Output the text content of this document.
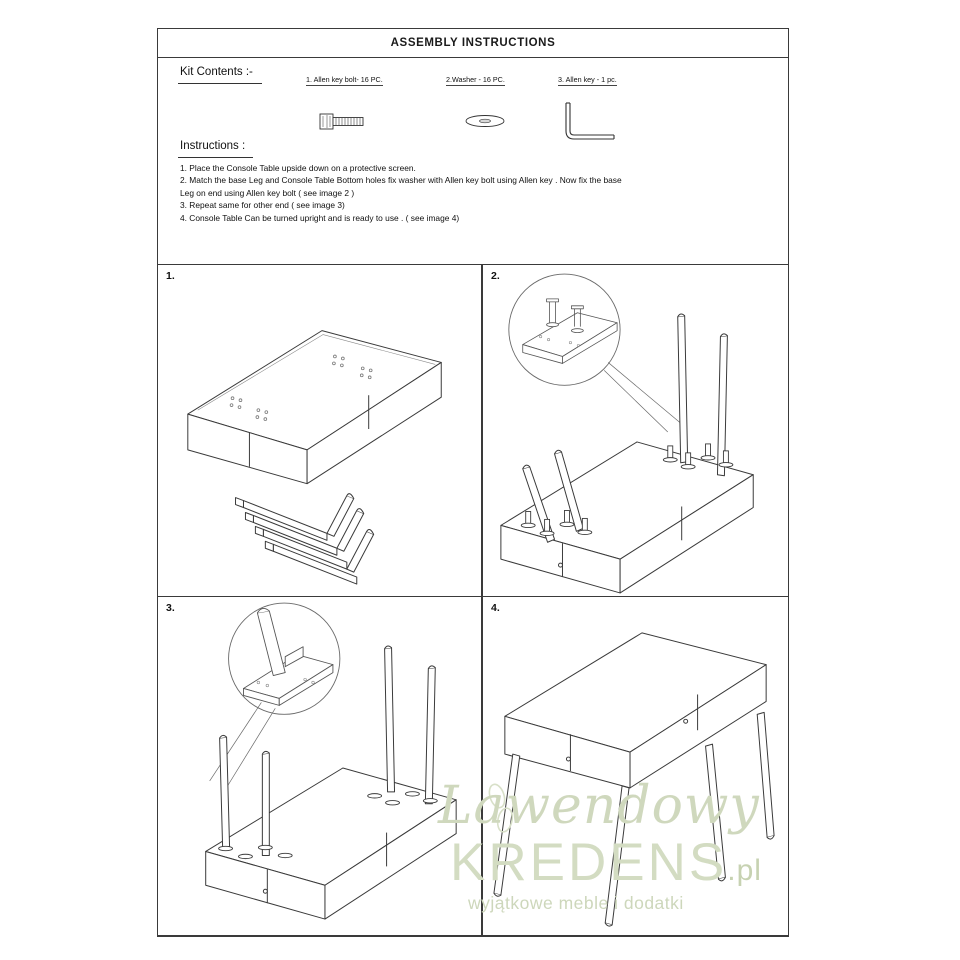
ASSEMBLY INSTRUCTIONS
Kit Contents :-
1. Allen key bolt- 16 PC.	2.Washer - 16 PC.	3. Allen key - 1 pc.
Instructions :
1. Place the Console Table upside down on a protective screen.
2. Match the base Leg and Console Table Bottom holes fix washer with Allen key bolt using Allen key . Now fix the base
Leg on end using Allen key bolt ( see image 2 )
3. Repeat same for other end ( see image 3)
4. Console Table Can be turned upright and is ready to use . ( see image 4)
1.	2.
3.	4.
Lawendowy
KREDENS.pl
wyjątkowe meble i dodatki
